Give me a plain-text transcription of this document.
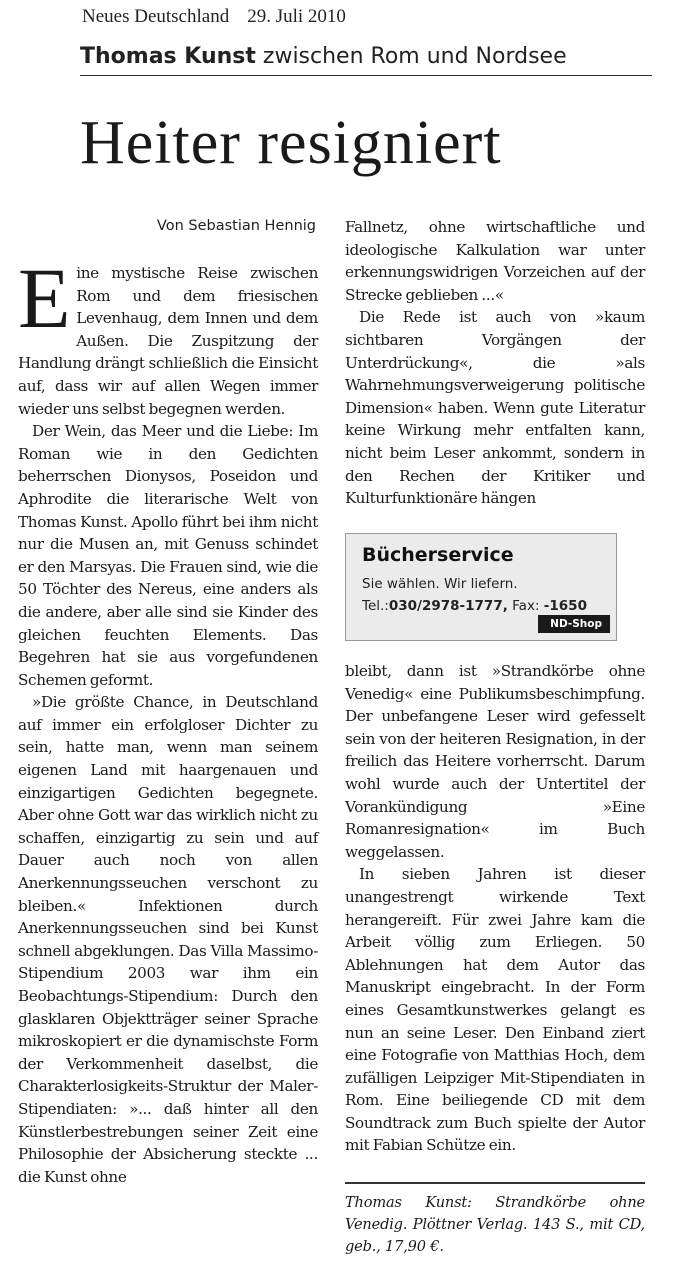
Neues Deutschland 29. Juli 2010
Thomas Kunst zwischen Rom und Nordsee
Heiter resigniert
Von Sebastian Hennig

Eine mystische Reise zwischen Rom und dem friesischen Levenhaug, dem Innen und dem Außen. Die Zuspitzung der Handlung drängt schließlich die Einsicht auf, dass wir auf allen Wegen immer wieder uns selbst begegnen werden.

Der Wein, das Meer und die Liebe: Im Roman wie in den Gedichten beherrschen Dionysos, Poseidon und Aphrodite die literarische Welt von Thomas Kunst. Apollo führt bei ihm nicht nur die Musen an, mit Genuss schindet er den Marsyas. Die Frauen sind, wie die 50 Töchter des Nereus, eine anders als die andere, aber alle sind sie Kinder des gleichen feuchten Elements. Das Begehren hat sie aus vorgefundenen Schemen geformt.

»Die größte Chance, in Deutschland auf immer ein erfolgloser Dichter zu sein, hatte man, wenn man seinem eigenen Land mit haargenauen und einzigartigen Gedichten begegnete. Aber ohne Gott war das wirklich nicht zu schaffen, einzigartig zu sein und auf Dauer auch noch von allen Anerkennungsseuchen verschont zu bleiben.« Infektionen durch Anerkennungsseuchen sind bei Kunst schnell abgeklungen. Das Villa Massimo-Stipendium 2003 war ihm ein Beobachtungs-Stipendium: Durch den glasklaren Objektträger seiner Sprache mikroskopiert er die dynamischste Form der Verkommenheit daselbst, die Charakterlosigkeits-Struktur der Maler-Stipendiaten: »... daß hinter all den Künstlerbestrebungen seiner Zeit eine Philosophie der Absicherung steckte ... die Kunst ohne

Fallnetz, ohne wirtschaftliche und ideologische Kalkulation war unter erkennungswidrigen Vorzeichen auf der Strecke geblieben ...«

Die Rede ist auch von »kaum sichtbaren Vorgängen der Unterdrückung«, die »als Wahrnehmungsverweigerung politische Dimension« haben. Wenn gute Literatur keine Wirkung mehr entfalten kann, nicht beim Leser ankommt, sondern in den Rechen der Kritiker und Kulturfunktionäre hängen

Bücherservice
Sie wählen. Wir liefern.
Tel.:030/2978-1777, Fax: -1650
ND-Shop

bleibt, dann ist »Strandkörbe ohne Venedig« eine Publikumsbeschimpfung. Der unbefangene Leser wird gefesselt sein von der heiteren Resignation, in der freilich das Heitere vorherrscht. Darum wohl wurde auch der Untertitel der Vorankündigung »Eine Romanresignation« im Buch weggelassen.

In sieben Jahren ist dieser unangestrengt wirkende Text herangereift. Für zwei Jahre kam die Arbeit völlig zum Erliegen. 50 Ablehnungen hat dem Autor das Manuskript eingebracht. In der Form eines Gesamtkunstwerkes gelangt es nun an seine Leser. Den Einband ziert eine Fotografie von Matthias Hoch, dem zufälligen Leipziger Mit-Stipendiaten in Rom. Eine beiliegende CD mit dem Soundtrack zum Buch spielte der Autor mit Fabian Schütze ein.

Thomas Kunst: Strandkörbe ohne Venedig. Plöttner Verlag. 143 S., mit CD, geb., 17,90 €.
